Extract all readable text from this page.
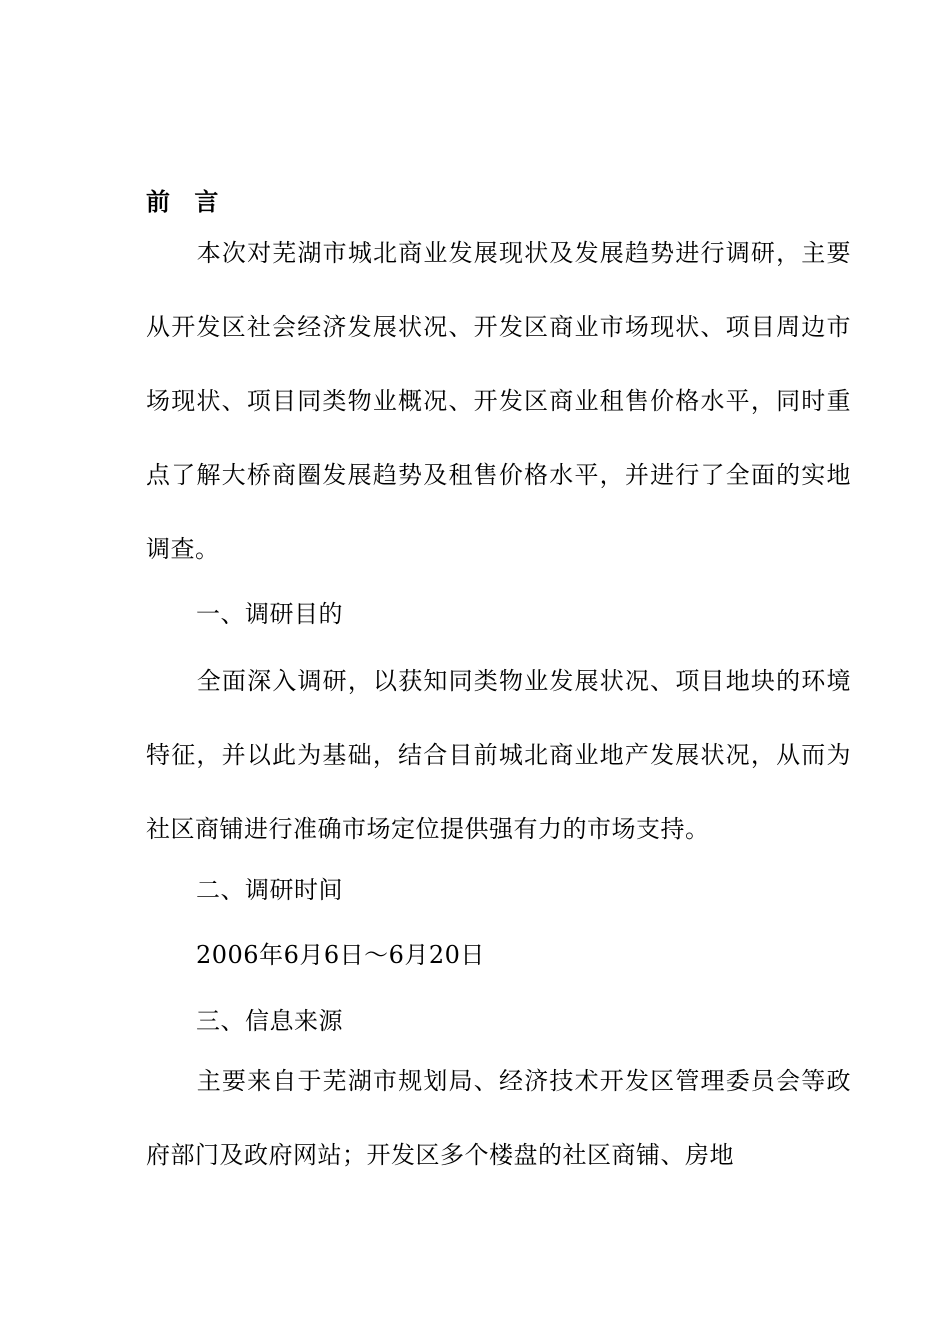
前 言
本次对芜湖市城北商业发展现状及发展趋势进行调研，主要从开发区社会经济发展状况、开发区商业市场现状、项目周边市场现状、项目同类物业概况、开发区商业租售价格水平，同时重点了解大桥商圈发展趋势及租售价格水平，并进行了全面的实地调查。
一、调研目的
全面深入调研，以获知同类物业发展状况、项目地块的环境特征，并以此为基础，结合目前城北商业地产发展状况，从而为社区商铺进行准确市场定位提供强有力的市场支持。
二、调研时间
2006年6月6日～6月20日
三、信息来源
主要来自于芜湖市规划局、经济技术开发区管理委员会等政府部门及政府网站；开发区多个楼盘的社区商铺、房地
